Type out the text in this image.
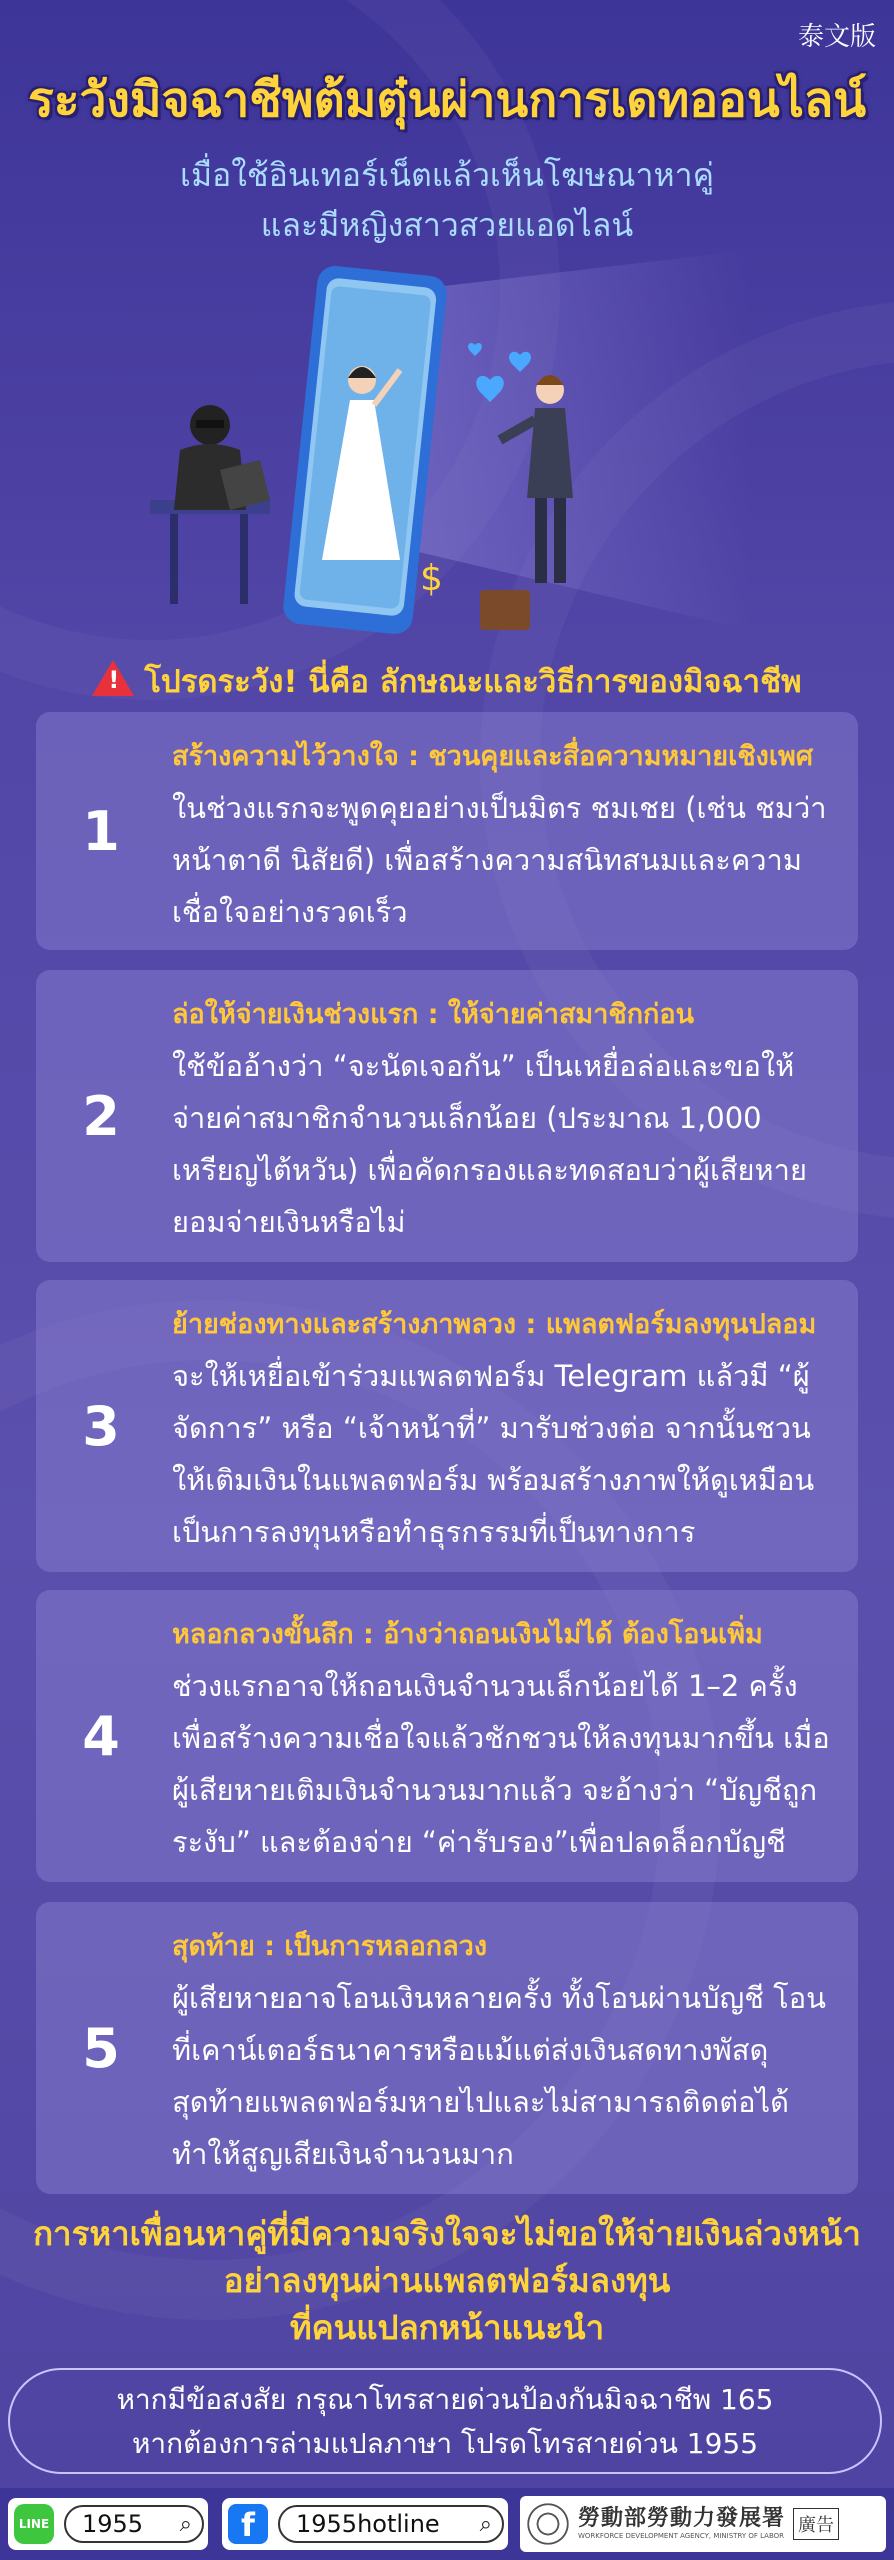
泰文版
ระวังมิจฉาชีพต้มตุ๋นผ่านการเดทออนไลน์
เมื่อใช้อินเทอร์เน็ตแล้วเห็นโฆษณาหาคู่
และมีหญิงสาวสวยแอดไลน์
$
! โปรดระวัง! นี่คือ ลักษณะและวิธีการของมิจฉาชีพ
1
สร้างความไว้วางใจ : ชวนคุยและสื่อความหมายเชิงเพศ
ในช่วงแรกจะพูดคุยอย่างเป็นมิตร ชมเชย (เช่น ชมว่าหน้าตาดี นิสัยดี) เพื่อสร้างความสนิทสนมและความเชื่อใจอย่างรวดเร็ว
2
ล่อให้จ่ายเงินช่วงแรก : ให้จ่ายค่าสมาชิกก่อน
ใช้ข้ออ้างว่า “จะนัดเจอกัน” เป็นเหยื่อล่อและขอให้จ่ายค่าสมาชิกจำนวนเล็กน้อย (ประมาณ 1,000 เหรียญไต้หวัน) เพื่อคัดกรองและทดสอบว่าผู้เสียหายยอมจ่ายเงินหรือไม่
3
ย้ายช่องทางและสร้างภาพลวง : แพลตฟอร์มลงทุนปลอม
จะให้เหยื่อเข้าร่วมแพลตฟอร์ม Telegram แล้วมี “ผู้จัดการ” หรือ “เจ้าหน้าที่” มารับช่วงต่อ จากนั้นชวนให้เติมเงินในแพลตฟอร์ม พร้อมสร้างภาพให้ดูเหมือนเป็นการลงทุนหรือทำธุรกรรมที่เป็นทางการ
4
หลอกลวงขั้นลึก : อ้างว่าถอนเงินไม่ได้ ต้องโอนเพิ่ม
ช่วงแรกอาจให้ถอนเงินจำนวนเล็กน้อยได้ 1–2 ครั้งเพื่อสร้างความเชื่อใจแล้วชักชวนให้ลงทุนมากขึ้น เมื่อผู้เสียหายเติมเงินจำนวนมากแล้ว จะอ้างว่า “บัญชีถูกระงับ” และต้องจ่าย “ค่ารับรอง”เพื่อปลดล็อกบัญชี
5
สุดท้าย : เป็นการหลอกลวง
ผู้เสียหายอาจโอนเงินหลายครั้ง ทั้งโอนผ่านบัญชี โอนที่เคาน์เตอร์ธนาคารหรือแม้แต่ส่งเงินสดทางพัสดุ สุดท้ายแพลตฟอร์มหายไปและไม่สามารถติดต่อได้ทำให้สูญเสียเงินจำนวนมาก
การหาเพื่อนหาคู่ที่มีความจริงใจจะไม่ขอให้จ่ายเงินล่วงหน้า
อย่าลงทุนผ่านแพลตฟอร์มลงทุน
ที่คนแปลกหน้าแนะนำ
หากมีข้อสงสัย กรุณาโทรสายด่วนป้องกันมิจฉาชีพ 165
หากต้องการล่ามแปลภาษา โปรดโทรสายด่วน 1955
LINE 1955 ⌕	f	1955hotline ⌕	勞動部勞動力發展署
WORKFORCE DEVELOPMENT AGENCY, MINISTRY OF LABOR 廣告
